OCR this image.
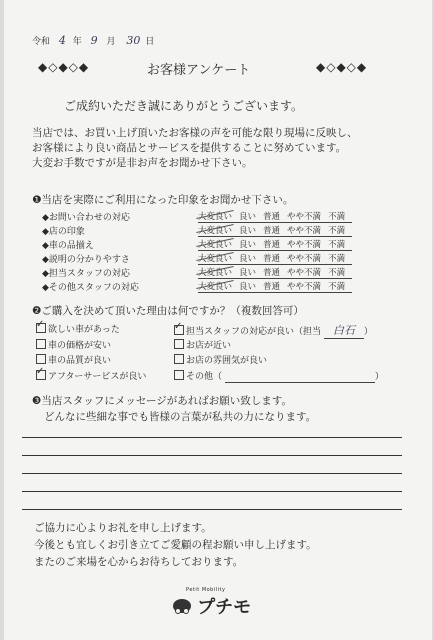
令和 4 年 9 月 30 日
◆◇◆◇◆	お客様アンケート	◆◇◆◇◆
ご成約いただき誠にありがとうございます。
当店では、お買い上げ頂いたお客様の声を可能な限り現場に反映し、
お客様により良い商品とサービスを提供することに努めています。
大変お手数ですが是非お声をお聞かせ下さい。
❶当店を実際にご利用になった印象をお聞かせ下さい。
◆お問い合わせの対応	大変良い 良い 普通 やや不満 不満
◆店の印象	大変良い 良い 普通 やや不満 不満
◆車の品揃え	大変良い 良い 普通 やや不満 不満
◆説明の分かりやすさ	大変良い 良い 普通 やや不満 不満
◆担当スタッフの対応	大変良い 良い 普通 やや不満 不満
◆その他スタッフの対応	大変良い 良い 普通 やや不満 不満
❷ご購入を決めて頂いた理由は何ですか？（複数回答可）
✓欲しい車があった
✓	担当スタッフの対応が良い（担当 白石 ）
車の価格が安い	お店が近い
車の品質が良い	お店の雰囲気が良い
✓アフターサービスが良い	その他（	）
❸当店スタッフにメッセージがあればお願い致します。
どんなに些細な事でも皆様の言葉が私共の力になります。
ご協力に心よりお礼を申し上げます。
今後とも宜しくお引き立てご愛顧の程お願い申し上げます。
またのご来場を心からお待ちしております。
Petit Mobility
プチモ
